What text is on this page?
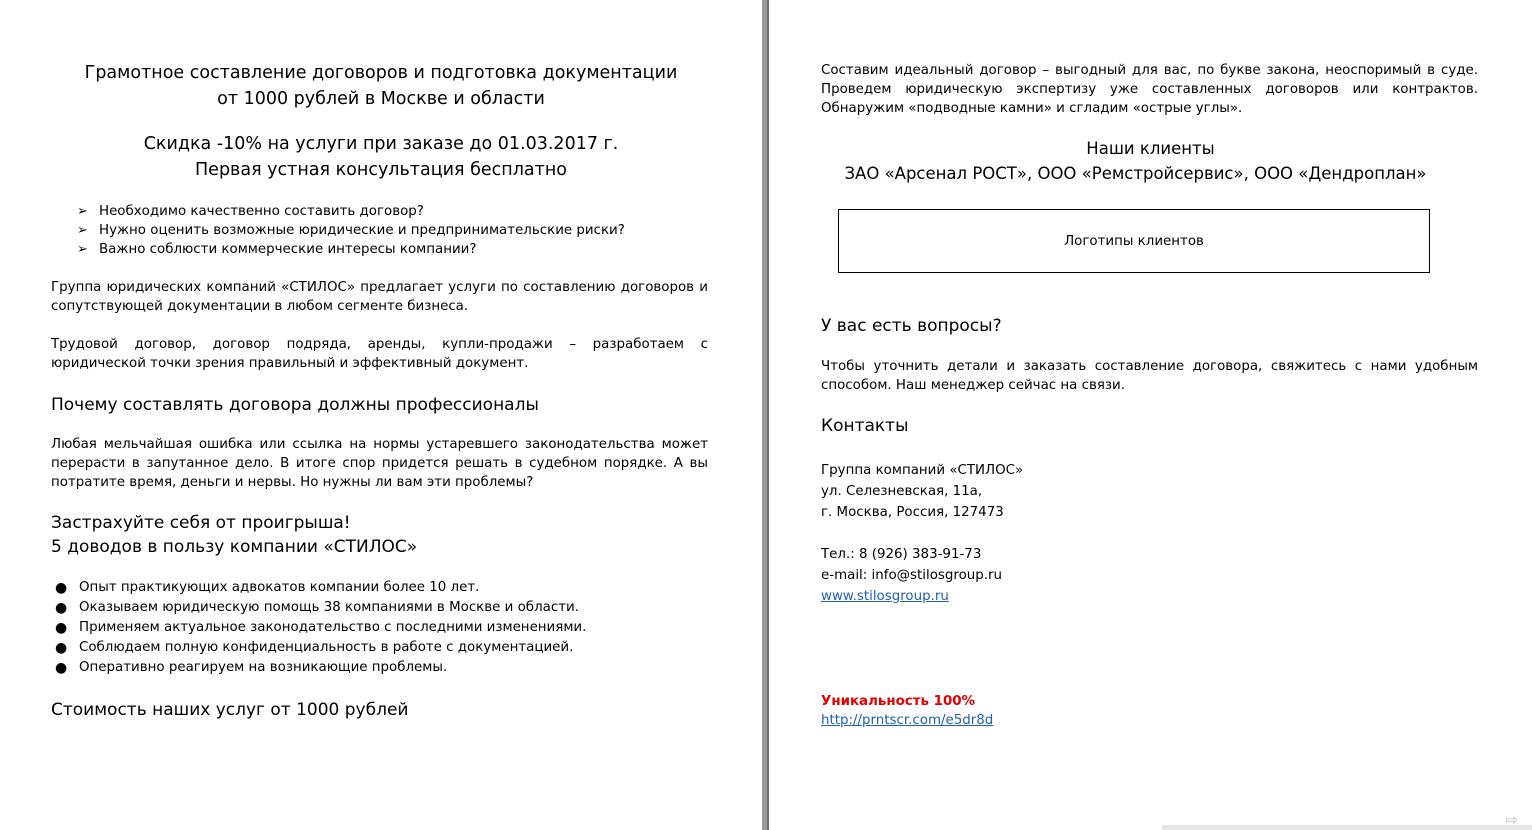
Грамотное составление договоров и подготовка документации
от 1000 рублей в Москве и области
Скидка -10% на услуги при заказе до 01.03.2017 г.
Первая устная консультация бесплатно
➢ Необходимо качественно составить договор?
➢ Нужно оценить возможные юридические и предпринимательские риски?
➢ Важно соблюсти коммерческие интересы компании?

Группа юридических компаний «СТИЛОС» предлагает услуги по составлению договоров и сопутствующей документации в любом сегменте бизнеса.

Трудовой договор, договор подряда, аренды, купли-продажи – разработаем с юридической точки зрения правильный и эффективный документ.

Почему составлять договора должны профессионалы

Любая мельчайшая ошибка или ссылка на нормы устаревшего законодательства может перерасти в запутанное дело. В итоге спор придется решать в судебном порядке. А вы потратите время, деньги и нервы. Но нужны ли вам эти проблемы?

Застрахуйте себя от проигрыша!
5 доводов в пользу компании «СТИЛОС»
● Опыт практикующих адвокатов компании более 10 лет.
● Оказываем юридическую помощь 38 компаниями в Москве и области.
● Применяем актуальное законодательство с последними изменениями.
● Соблюдаем полную конфиденциальность в работе с документацией.
● Оперативно реагируем на возникающие проблемы.
Стоимость наших услуг от 1000 рублей

Составим идеальный договор – выгодный для вас, по букве закона, неоспоримый в суде. Проведем юридическую экспертизу уже составленных договоров или контрактов. Обнаружим «подводные камни» и сгладим «острые углы».

Наши клиенты
ЗАО «Арсенал РОСТ», ООО «Ремстройсервис», ООО «Дендроплан»
Логотипы клиентов
У вас есть вопросы?

Чтобы уточнить детали и заказать составление договора, свяжитесь с нами удобным способом. Наш менеджер сейчас на связи.

Контакты
Группа компаний «СТИЛОС»
ул. Селезневская, 11а,
г. Москва, Россия, 127473
Тел.: 8 (926) 383-91-73
e-mail: info@stilosgroup.ru
www.stilosgroup.ru
Уникальность 100%
http://prntscr.com/e5dr8d
⇨
